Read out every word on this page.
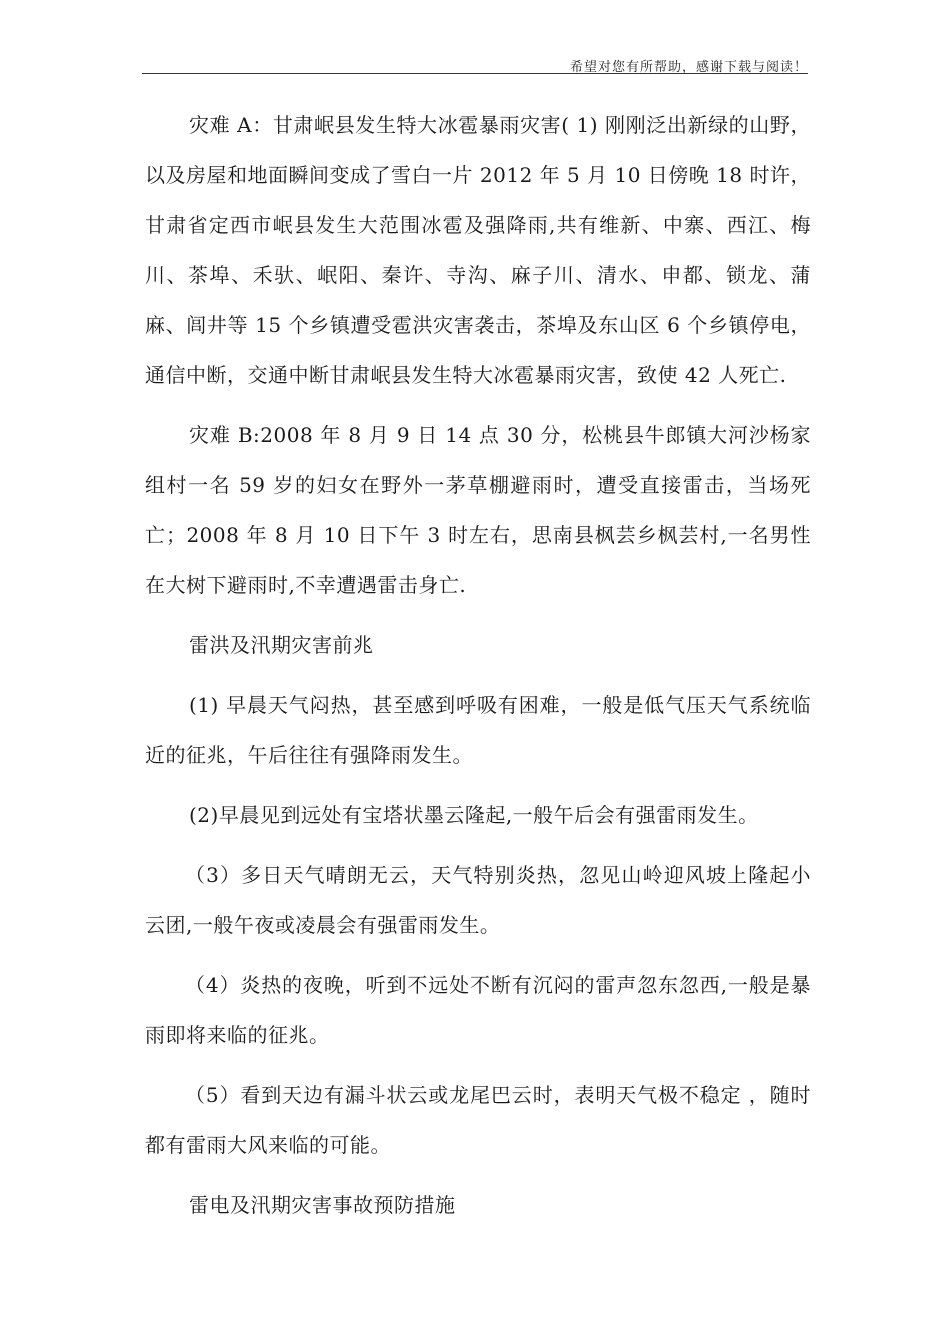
希望对您有所帮助，感谢下载与阅读！

灾难 A：甘肃岷县发生特大冰雹暴雨灾害( 1) 刚刚泛出新绿的山野，以及房屋和地面瞬间变成了雪白一片 2012 年 5 月 10 日傍晚 18 时许，甘肃省定西市岷县发生大范围冰雹及强降雨,共有维新、中寨、西江、梅川、茶埠、禾驮、岷阳、秦许、寺沟、麻子川、清水、申都、锁龙、蒲麻、闾井等 15 个乡镇遭受雹洪灾害袭击，茶埠及东山区 6 个乡镇停电，通信中断，交通中断甘肃岷县发生特大冰雹暴雨灾害，致使 42 人死亡.

灾难 B:2008 年 8 月 9 日 14 点 30 分，松桃县牛郎镇大河沙杨家组村一名 59 岁的妇女在野外一茅草棚避雨时，遭受直接雷击，当场死亡；2008 年 8 月 10 日下午 3 时左右，思南县枫芸乡枫芸村,一名男性在大树下避雨时,不幸遭遇雷击身亡.

雷洪及汛期灾害前兆

(1) 早晨天气闷热，甚至感到呼吸有困难，一般是低气压天气系统临近的征兆，午后往往有强降雨发生。

(2)早晨见到远处有宝塔状墨云隆起,一般午后会有强雷雨发生。

（3）多日天气晴朗无云，天气特别炎热，忽见山岭迎风坡上隆起小云团,一般午夜或凌晨会有强雷雨发生。

（4）炎热的夜晚，听到不远处不断有沉闷的雷声忽东忽西,一般是暴雨即将来临的征兆。

（5）看到天边有漏斗状云或龙尾巴云时，表明天气极不稳定 ，随时都有雷雨大风来临的可能。

雷电及汛期灾害事故预防措施
